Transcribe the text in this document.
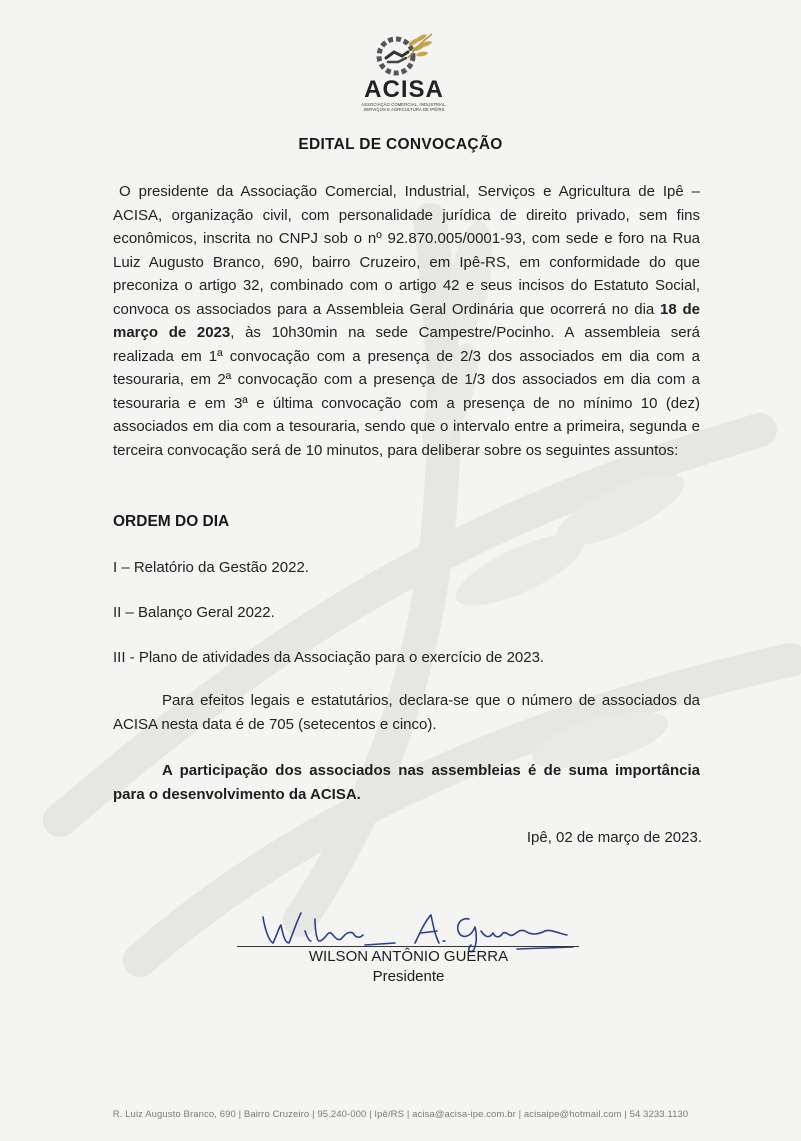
ACISA
ASSOCIAÇÃO COMERCIAL, INDUSTRIAL,
SERVIÇOS E AGRICULTURA DE IPÊ/RS
EDITAL DE CONVOCAÇÃO

O presidente da Associação Comercial, Industrial, Serviços e Agricultura de Ipê – ACISA, organização civil, com personalidade jurídica de direito privado, sem fins econômicos, inscrita no CNPJ sob o nº 92.870.005/0001-93, com sede e foro na Rua Luiz Augusto Branco, 690, bairro Cruzeiro, em Ipê-RS, em conformidade do que preconiza o artigo 32, combinado com o artigo 42 e seus incisos do Estatuto Social, convoca os associados para a Assembleia Geral Ordinária que ocorrerá no dia 18 de março de 2023, às 10h30min na sede Campestre/Pocinho. A assembleia será realizada em 1ª convocação com a presença de 2/3 dos associados em dia com a tesouraria, em 2ª convocação com a presença de 1/3 dos associados em dia com a tesouraria e em 3ª e última convocação com a presença de no mínimo 10 (dez) associados em dia com a tesouraria, sendo que o intervalo entre a primeira, segunda e terceira convocação será de 10 minutos, para deliberar sobre os seguintes assuntos:

ORDEM DO DIA
I – Relatório da Gestão 2022.
II – Balanço Geral 2022.
III - Plano de atividades da Associação para o exercício de 2023.

Para efeitos legais e estatutários, declara-se que o número de associados da ACISA nesta data é de 705 (setecentos e cinco).

A participação dos associados nas assembleias é de suma importância para o desenvolvimento da ACISA.

Ipê, 02 de março de 2023.
WILSON ANTÔNIO GUERRA
Presidente
R. Luiz Augusto Branco, 690 | Bairro Cruzeiro | 95.240-000 | Ipê/RS | acisa@acisa-ipe.com.br | acisaipe@hotmail.com | 54 3233.1130
